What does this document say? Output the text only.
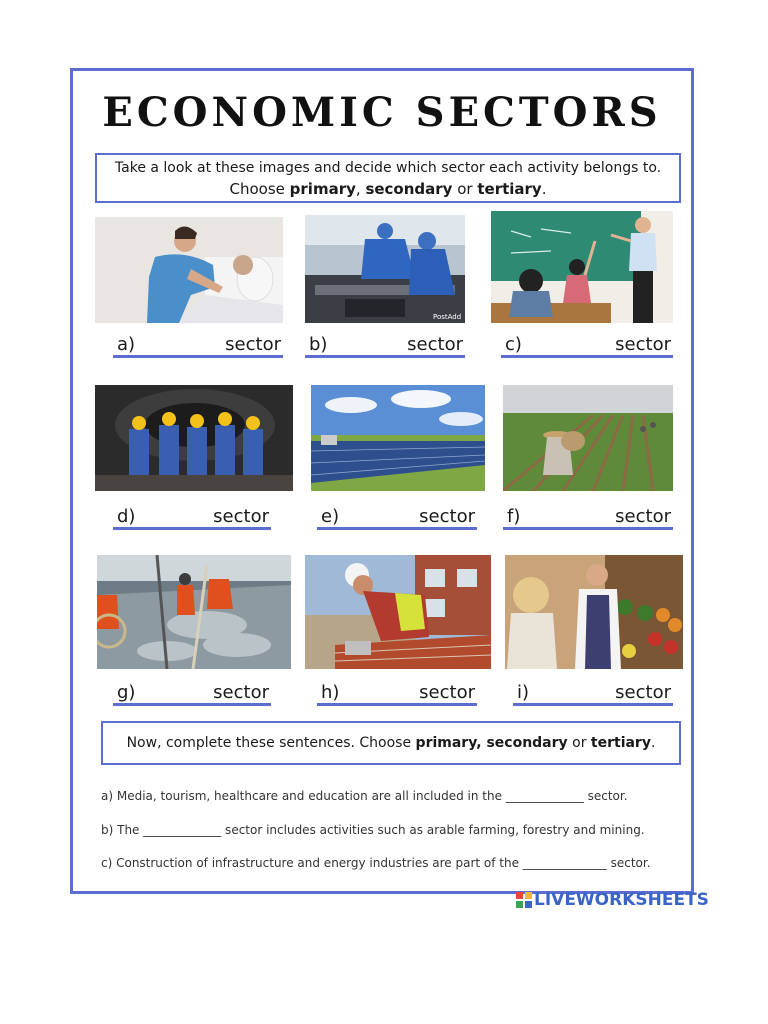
ECONOMIC SECTORS
Take a look at these images and decide which sector each activity belongs to.
Choose primary, secondary or tertiary.
a)	sector
PostAdd
b)	sector c)	sector
d)	sector	e)	sector f)	sector
g)	sector	h)	sector i)	sector
Now, complete these sentences. Choose primary, secondary or tertiary.
a) Media, tourism, healthcare and education are all included in the _____________ sector.
b) The _____________ sector includes activities such as arable farming, forestry and mining.
c) Construction of infrastructure and energy industries are part of the ______________ sector.
LIVEWORKSHEETS
